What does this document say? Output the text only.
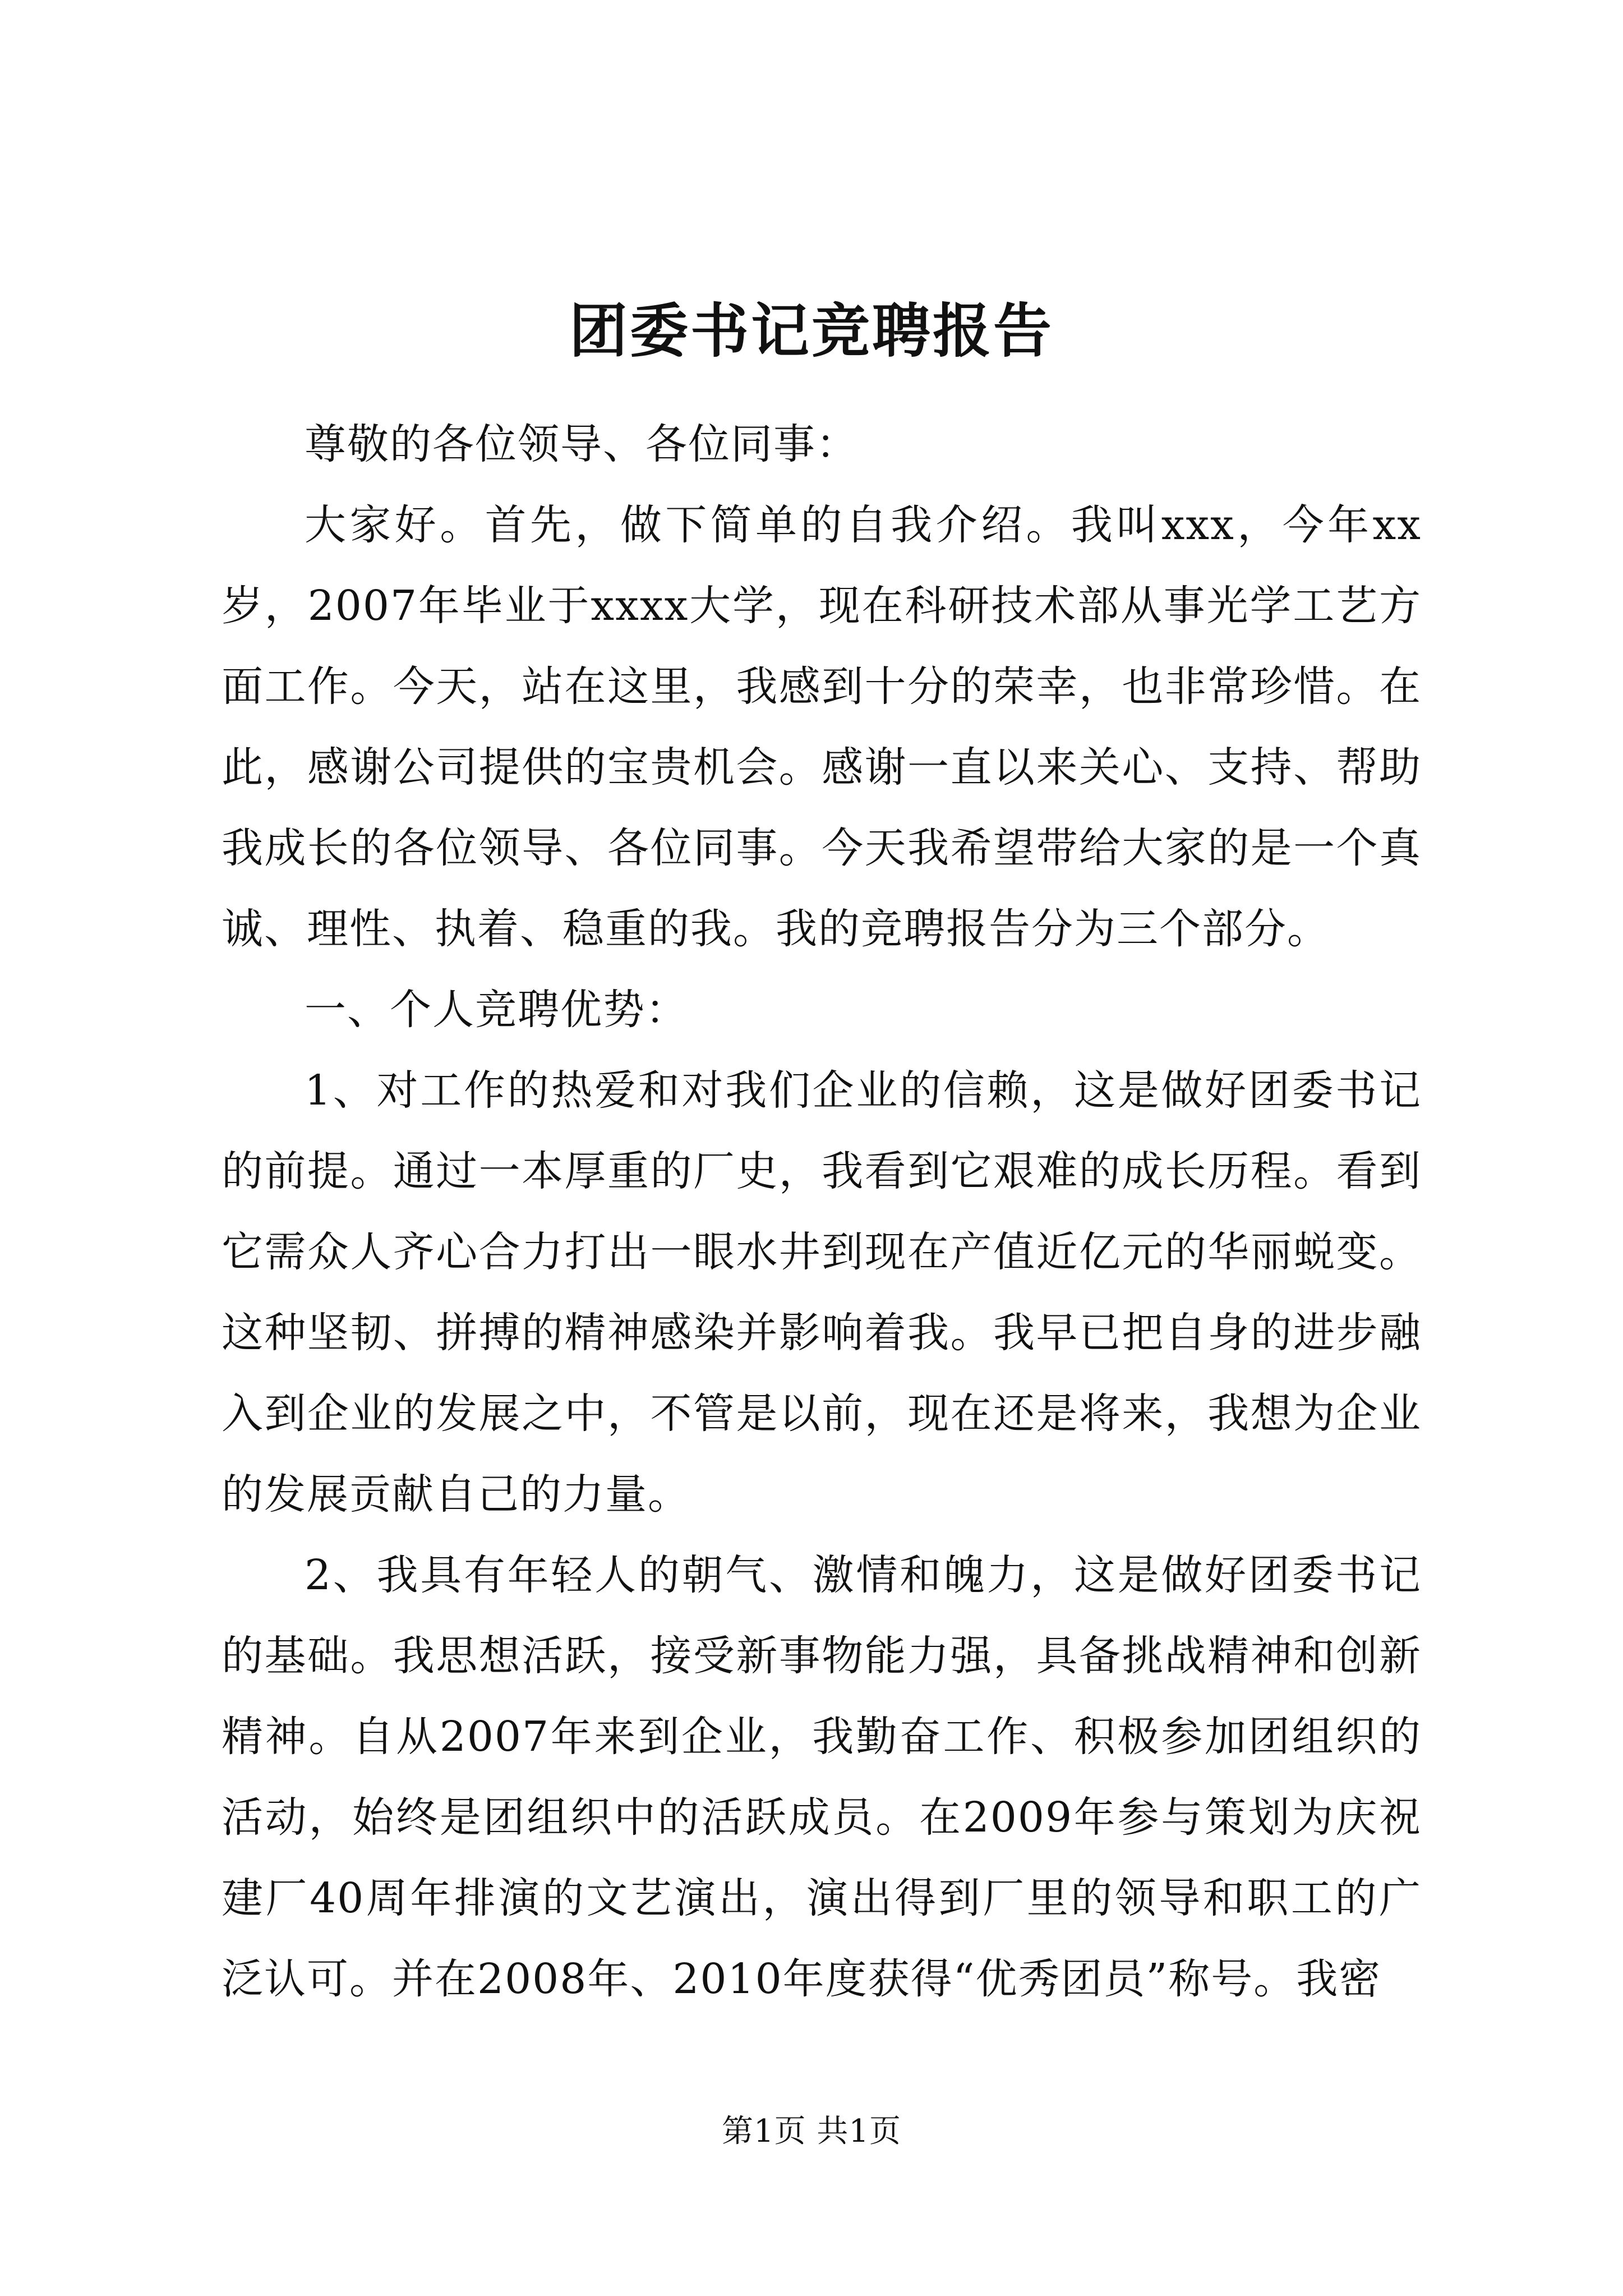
团委书记竞聘报告

尊敬的各位领导、各位同事：

大家好。首先，做下简单的自我介绍。我叫xxx，今年xx岁，2007年毕业于xxxx大学，现在科研技术部从事光学工艺方面工作。今天，站在这里，我感到十分的荣幸，也非常珍惜。在此，感谢公司提供的宝贵机会。感谢一直以来关心、支持、帮助我成长的各位领导、各位同事。今天我希望带给大家的是一个真诚、理性、执着、稳重的我。我的竞聘报告分为三个部分。

一、个人竞聘优势：

1、对工作的热爱和对我们企业的信赖，这是做好团委书记的前提。通过一本厚重的厂史，我看到它艰难的成长历程。看到它需众人齐心合力打出一眼水井到现在产值近亿元的华丽蜕变。这种坚韧、拼搏的精神感染并影响着我。我早已把自身的进步融入到企业的发展之中，不管是以前，现在还是将来，我想为企业的发展贡献自己的力量。

2、我具有年轻人的朝气、激情和魄力，这是做好团委书记的基础。我思想活跃，接受新事物能力强，具备挑战精神和创新精神。自从2007年来到企业，我勤奋工作、积极参加团组织的活动，始终是团组织中的活跃成员。在2009年参与策划为庆祝建厂40周年排演的文艺演出，演出得到厂里的领导和职工的广泛认可。并在2008年、2010年度获得“优秀团员”称号。我密

第1页 共1页
